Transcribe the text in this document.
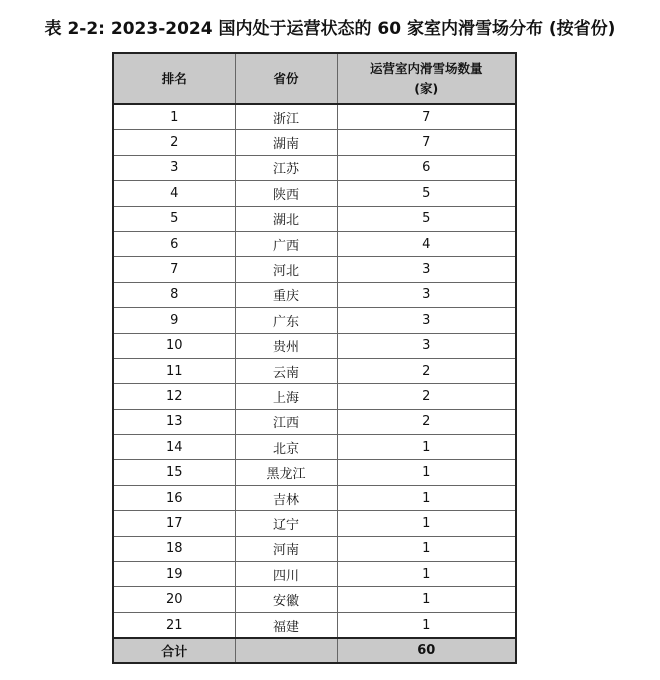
表 2-2: 2023-2024 国内处于运营状态的 60 家室内滑雪场分布 (按省份)
排名	省份	运营室内滑雪场数量
(家)

1	浙江	7
2	湖南	7
3	江苏	6
4	陕西	5
5	湖北	5
6	广西	4
7	河北	3
8	重庆	3
9	广东	3
10	贵州	3
11	云南	2
12	上海	2
13	江西	2
14	北京	1
15	黑龙江	1
16	吉林	1
17	辽宁	1
18	河南	1
19	四川	1
20	安徽	1
21	福建	1
合计		60
